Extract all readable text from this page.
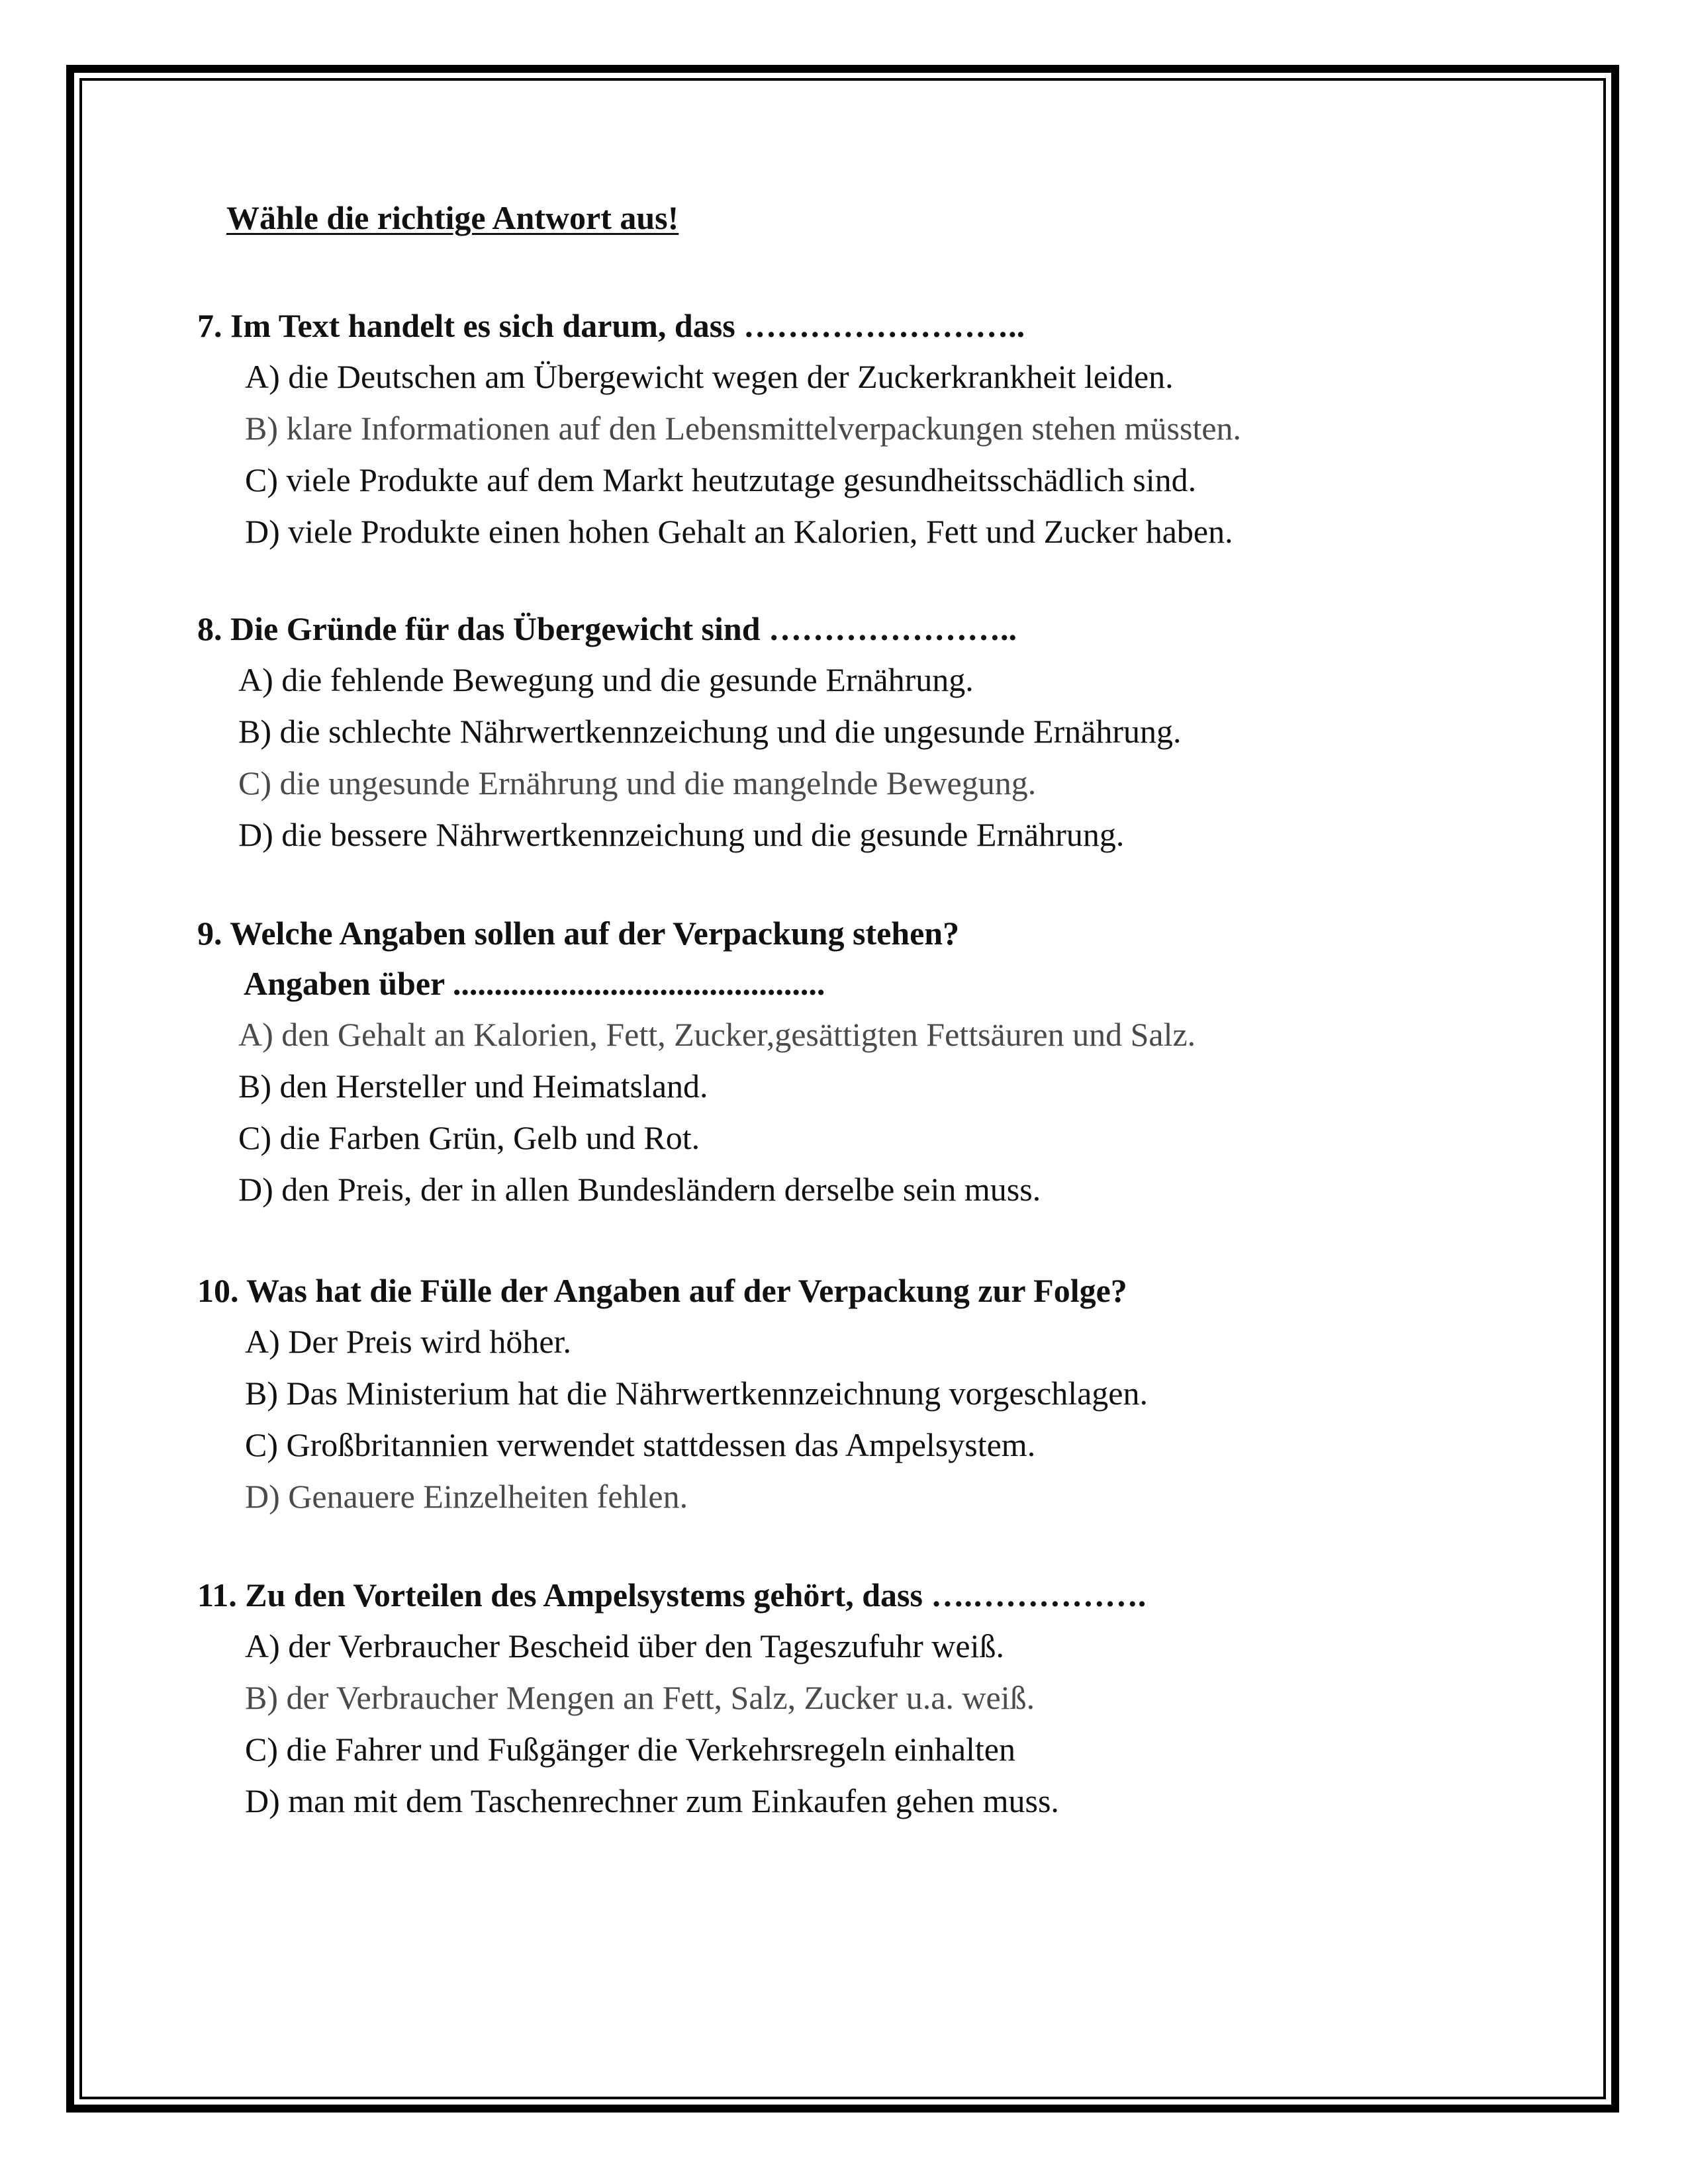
Wähle die richtige Antwort aus!
7. Im Text handelt es sich darum, dass ……………………..
A) die Deutschen am Übergewicht wegen der Zuckerkrankheit leiden.
B) klare Informationen auf den Lebensmittelverpackungen stehen müssten.
C) viele Produkte auf dem Markt heutzutage gesundheitsschädlich sind.
D) viele Produkte einen hohen Gehalt an Kalorien, Fett und Zucker haben.
8. Die Gründe für das Übergewicht sind …………………..
A) die fehlende Bewegung und die gesunde Ernährung.
B) die schlechte Nährwertkennzeichung und die ungesunde Ernährung.
C) die ungesunde Ernährung und die mangelnde Bewegung.
D) die bessere Nährwertkennzeichung und die gesunde Ernährung.
9. Welche Angaben sollen auf der Verpackung stehen?
Angaben über .............................................
A) den Gehalt an Kalorien, Fett, Zucker,gesättigten Fettsäuren und Salz.
B) den Hersteller und Heimatsland.
C) die Farben Grün, Gelb und Rot.
D) den Preis, der in allen Bundesländern derselbe sein muss.
10. Was hat die Fülle der Angaben auf der Verpackung zur Folge?
A) Der Preis wird höher.
B) Das Ministerium hat die Nährwertkennzeichnung vorgeschlagen.
C) Großbritannien verwendet stattdessen das Ampelsystem.
D) Genauere Einzelheiten fehlen.
11. Zu den Vorteilen des Ampelsystems gehört, dass ….…………….
A) der Verbraucher Bescheid über den Tageszufuhr weiß.
B) der Verbraucher Mengen an Fett, Salz, Zucker u.a. weiß.
C) die Fahrer und Fußgänger die Verkehrsregeln einhalten
D) man mit dem Taschenrechner zum Einkaufen gehen muss.
